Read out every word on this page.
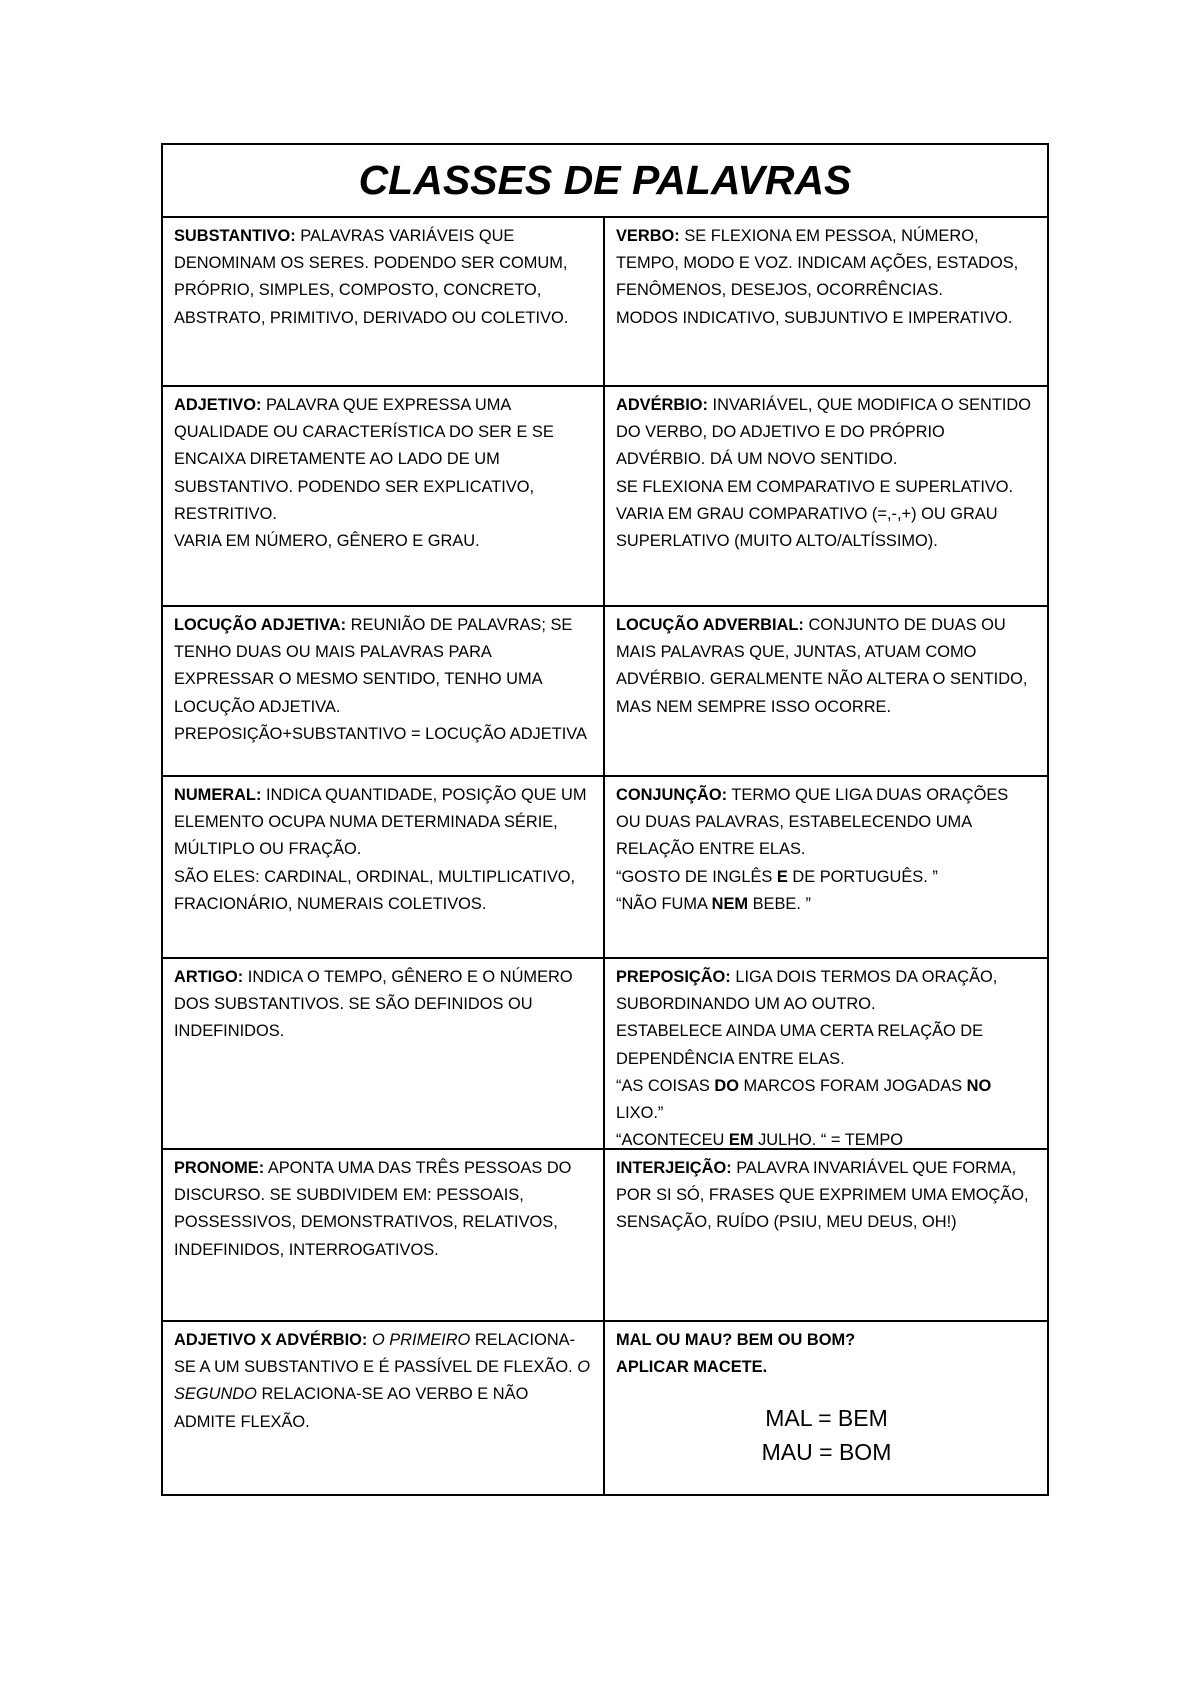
CLASSES DE PALAVRAS

SUBSTANTIVO: PALAVRAS VARIÁVEIS QUE DENOMINAM OS SERES. PODENDO SER COMUM, PRÓPRIO, SIMPLES, COMPOSTO, CONCRETO, ABSTRATO, PRIMITIVO, DERIVADO OU COLETIVO.

VERBO: SE FLEXIONA EM PESSOA, NÚMERO, TEMPO, MODO E VOZ. INDICAM AÇÕES, ESTADOS, FENÔMENOS, DESEJOS, OCORRÊNCIAS.

MODOS INDICATIVO, SUBJUNTIVO E IMPERATIVO.

ADJETIVO: PALAVRA QUE EXPRESSA UMA QUALIDADE OU CARACTERÍSTICA DO SER E SE ENCAIXA DIRETAMENTE AO LADO DE UM SUBSTANTIVO. PODENDO SER EXPLICATIVO, RESTRITIVO.

VARIA EM NÚMERO, GÊNERO E GRAU.

ADVÉRBIO: INVARIÁVEL, QUE MODIFICA O SENTIDO DO VERBO, DO ADJETIVO E DO PRÓPRIO ADVÉRBIO. DÁ UM NOVO SENTIDO.

SE FLEXIONA EM COMPARATIVO E SUPERLATIVO.

VARIA EM GRAU COMPARATIVO (=,-,+) OU GRAU SUPERLATIVO (MUITO ALTO/ALTÍSSIMO).

LOCUÇÃO ADJETIVA: REUNIÃO DE PALAVRAS; SE TENHO DUAS OU MAIS PALAVRAS PARA EXPRESSAR O MESMO SENTIDO, TENHO UMA LOCUÇÃO ADJETIVA.

PREPOSIÇÃO+SUBSTANTIVO = LOCUÇÃO ADJETIVA

LOCUÇÃO ADVERBIAL: CONJUNTO DE DUAS OU MAIS PALAVRAS QUE, JUNTAS, ATUAM COMO ADVÉRBIO. GERALMENTE NÃO ALTERA O SENTIDO, MAS NEM SEMPRE ISSO OCORRE.

NUMERAL: INDICA QUANTIDADE, POSIÇÃO QUE UM ELEMENTO OCUPA NUMA DETERMINADA SÉRIE, MÚLTIPLO OU FRAÇÃO.

SÃO ELES: CARDINAL, ORDINAL, MULTIPLICATIVO, FRACIONÁRIO, NUMERAIS COLETIVOS.

CONJUNÇÃO: TERMO QUE LIGA DUAS ORAÇÕES OU DUAS PALAVRAS, ESTABELECENDO UMA RELAÇÃO ENTRE ELAS.

“GOSTO DE INGLÊS E DE PORTUGUÊS. ”

“NÃO FUMA NEM BEBE. ”

ARTIGO: INDICA O TEMPO, GÊNERO E O NÚMERO DOS SUBSTANTIVOS. SE SÃO DEFINIDOS OU INDEFINIDOS.

PREPOSIÇÃO: LIGA DOIS TERMOS DA ORAÇÃO, SUBORDINANDO UM AO OUTRO.

ESTABELECE AINDA UMA CERTA RELAÇÃO DE DEPENDÊNCIA ENTRE ELAS.

“AS COISAS DO MARCOS FORAM JOGADAS NO LIXO.”

“ACONTECEU EM JULHO. “ = TEMPO

PRONOME: APONTA UMA DAS TRÊS PESSOAS DO DISCURSO. SE SUBDIVIDEM EM: PESSOAIS, POSSESSIVOS, DEMONSTRATIVOS, RELATIVOS, INDEFINIDOS, INTERROGATIVOS.

INTERJEIÇÃO: PALAVRA INVARIÁVEL QUE FORMA, POR SI SÓ, FRASES QUE EXPRIMEM UMA EMOÇÃO, SENSAÇÃO, RUÍDO (PSIU, MEU DEUS, OH!)

ADJETIVO X ADVÉRBIO: O PRIMEIRO RELACIONA-SE A UM SUBSTANTIVO E É PASSÍVEL DE FLEXÃO. O SEGUNDO RELACIONA-SE AO VERBO E NÃO ADMITE FLEXÃO.

MAL OU MAU? BEM OU BOM?

APLICAR MACETE.

MAL = BEM
MAU = BOM
